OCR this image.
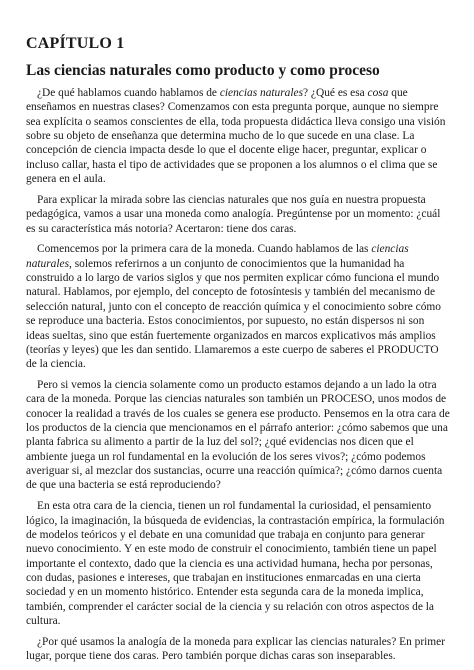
CAPÍTULO 1
Las ciencias naturales como producto y como proceso

¿De qué hablamos cuando hablamos de ciencias naturales? ¿Qué es esa cosa que enseñamos en nuestras clases? Comenzamos con esta pregunta porque, aunque no siempre sea explícita o seamos conscientes de ella, toda propuesta didáctica lleva consigo una visión sobre su objeto de enseñanza que determina mucho de lo que sucede en una clase. La concepción de ciencia impacta desde lo que el docente elige hacer, preguntar, explicar o incluso callar, hasta el tipo de actividades que se proponen a los alumnos o el clima que se genera en el aula.

Para explicar la mirada sobre las ciencias naturales que nos guía en nuestra propuesta pedagógica, vamos a usar una moneda como analogía. Pregúntense por un momento: ¿cuál es su característica más notoria? Acertaron: tiene dos caras.

Comencemos por la primera cara de la moneda. Cuando hablamos de las ciencias naturales, solemos referirnos a un conjunto de conocimientos que la humanidad ha construido a lo largo de varios siglos y que nos permiten explicar cómo funciona el mundo natural. Hablamos, por ejemplo, del concepto de fotosíntesis y también del mecanismo de selección natural, junto con el concepto de reacción química y el conocimiento sobre cómo se reproduce una bacteria. Estos conocimientos, por supuesto, no están dispersos ni son ideas sueltas, sino que están fuertemente organizados en marcos explicativos más amplios (teorías y leyes) que les dan sentido. Llamaremos a este cuerpo de saberes el PRODUCTO de la ciencia.

Pero si vemos la ciencia solamente como un producto estamos dejando a un lado la otra cara de la moneda. Porque las ciencias naturales son también un PROCESO, unos modos de conocer la realidad a través de los cuales se genera ese producto. Pensemos en la otra cara de los productos de la ciencia que mencionamos en el párrafo anterior: ¿cómo sabemos que una planta fabrica su alimento a partir de la luz del sol?; ¿qué evidencias nos dicen que el ambiente juega un rol fundamental en la evolución de los seres vivos?; ¿cómo podemos averiguar si, al mezclar dos sustancias, ocurre una reacción química?; ¿cómo darnos cuenta de que una bacteria se está reproduciendo?

En esta otra cara de la ciencia, tienen un rol fundamental la curiosidad, el pensamiento lógico, la imaginación, la búsqueda de evidencias, la contrastación empírica, la formulación de modelos teóricos y el debate en una comunidad que trabaja en conjunto para generar nuevo conocimiento. Y en este modo de construir el conocimiento, también tiene un papel importante el contexto, dado que la ciencia es una actividad humana, hecha por personas, con dudas, pasiones e intereses, que trabajan en instituciones enmarcadas en una cierta sociedad y en un momento histórico. Entender esta segunda cara de la moneda implica, también, comprender el carácter social de la ciencia y su relación con otros aspectos de la cultura.

¿Por qué usamos la analogía de la moneda para explicar las ciencias naturales? En primer lugar, porque tiene dos caras. Pero también porque dichas caras son inseparables.
